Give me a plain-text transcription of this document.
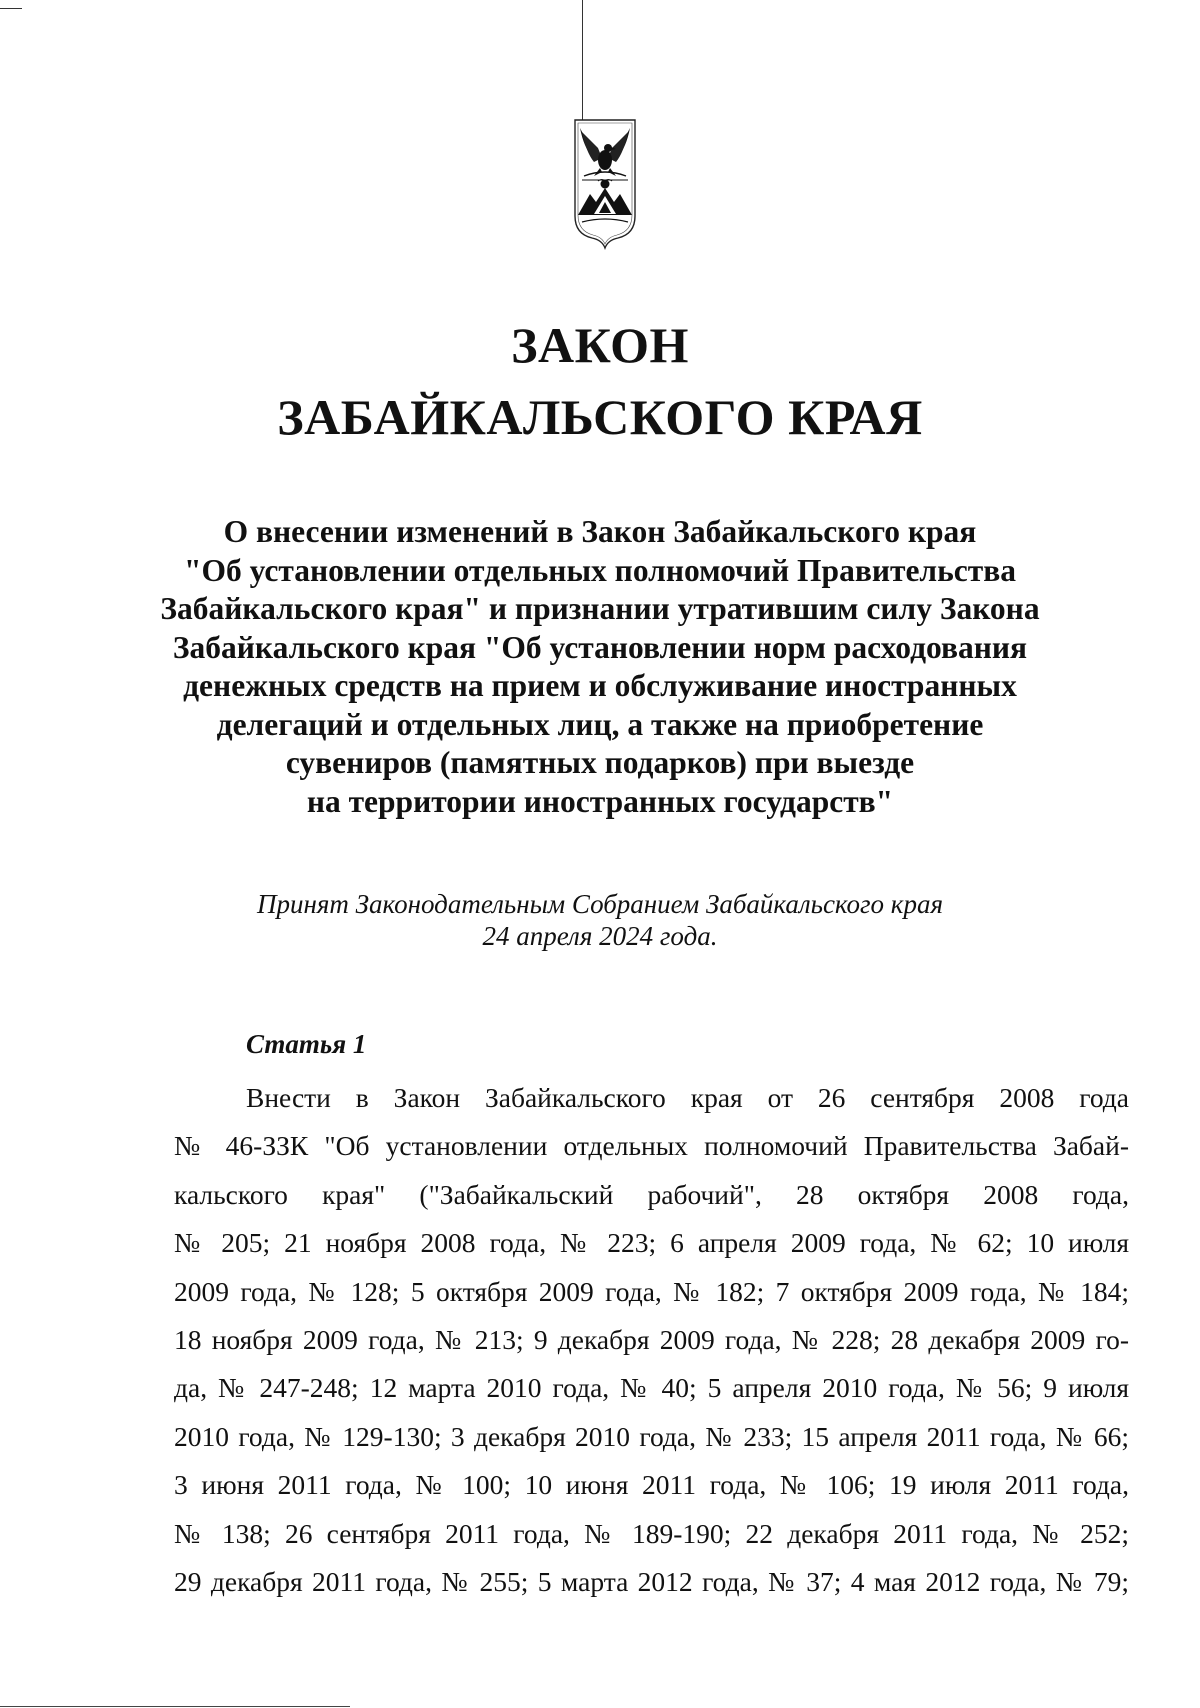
ЗАКОН
ЗАБАЙКАЛЬСКОГО КРАЯ
О внесении изменений в Закон Забайкальского края
"Об установлении отдельных полномочий Правительства
Забайкальского края" и признании утратившим силу Закона
Забайкальского края "Об установлении норм расходования
денежных средств на прием и обслуживание иностранных
делегаций и отдельных лиц, а также на приобретение
сувениров (памятных подарков) при выезде
на территории иностранных государств"
Принят Законодательным Собранием Забайкальского края
24 апреля 2024 года.
Статья 1
Внести в Закон Забайкальского края от 26 сентября 2008 года
№ 46-ЗЗК "Об установлении отдельных полномочий Правительства Забай-
кальского края" ("Забайкальский рабочий", 28 октября 2008 года,
№ 205; 21 ноября 2008 года, № 223; 6 апреля 2009 года, № 62; 10 июля
2009 года, № 128; 5 октября 2009 года, № 182; 7 октября 2009 года, № 184;
18 ноября 2009 года, № 213; 9 декабря 2009 года, № 228; 28 декабря 2009 го-
да, № 247-248; 12 марта 2010 года, № 40; 5 апреля 2010 года, № 56; 9 июля
2010 года, № 129-130; 3 декабря 2010 года, № 233; 15 апреля 2011 года, № 66;
3 июня 2011 года, № 100; 10 июня 2011 года, № 106; 19 июля 2011 года,
№ 138; 26 сентября 2011 года, № 189-190; 22 декабря 2011 года, № 252;
29 декабря 2011 года, № 255; 5 марта 2012 года, № 37; 4 мая 2012 года, № 79;
